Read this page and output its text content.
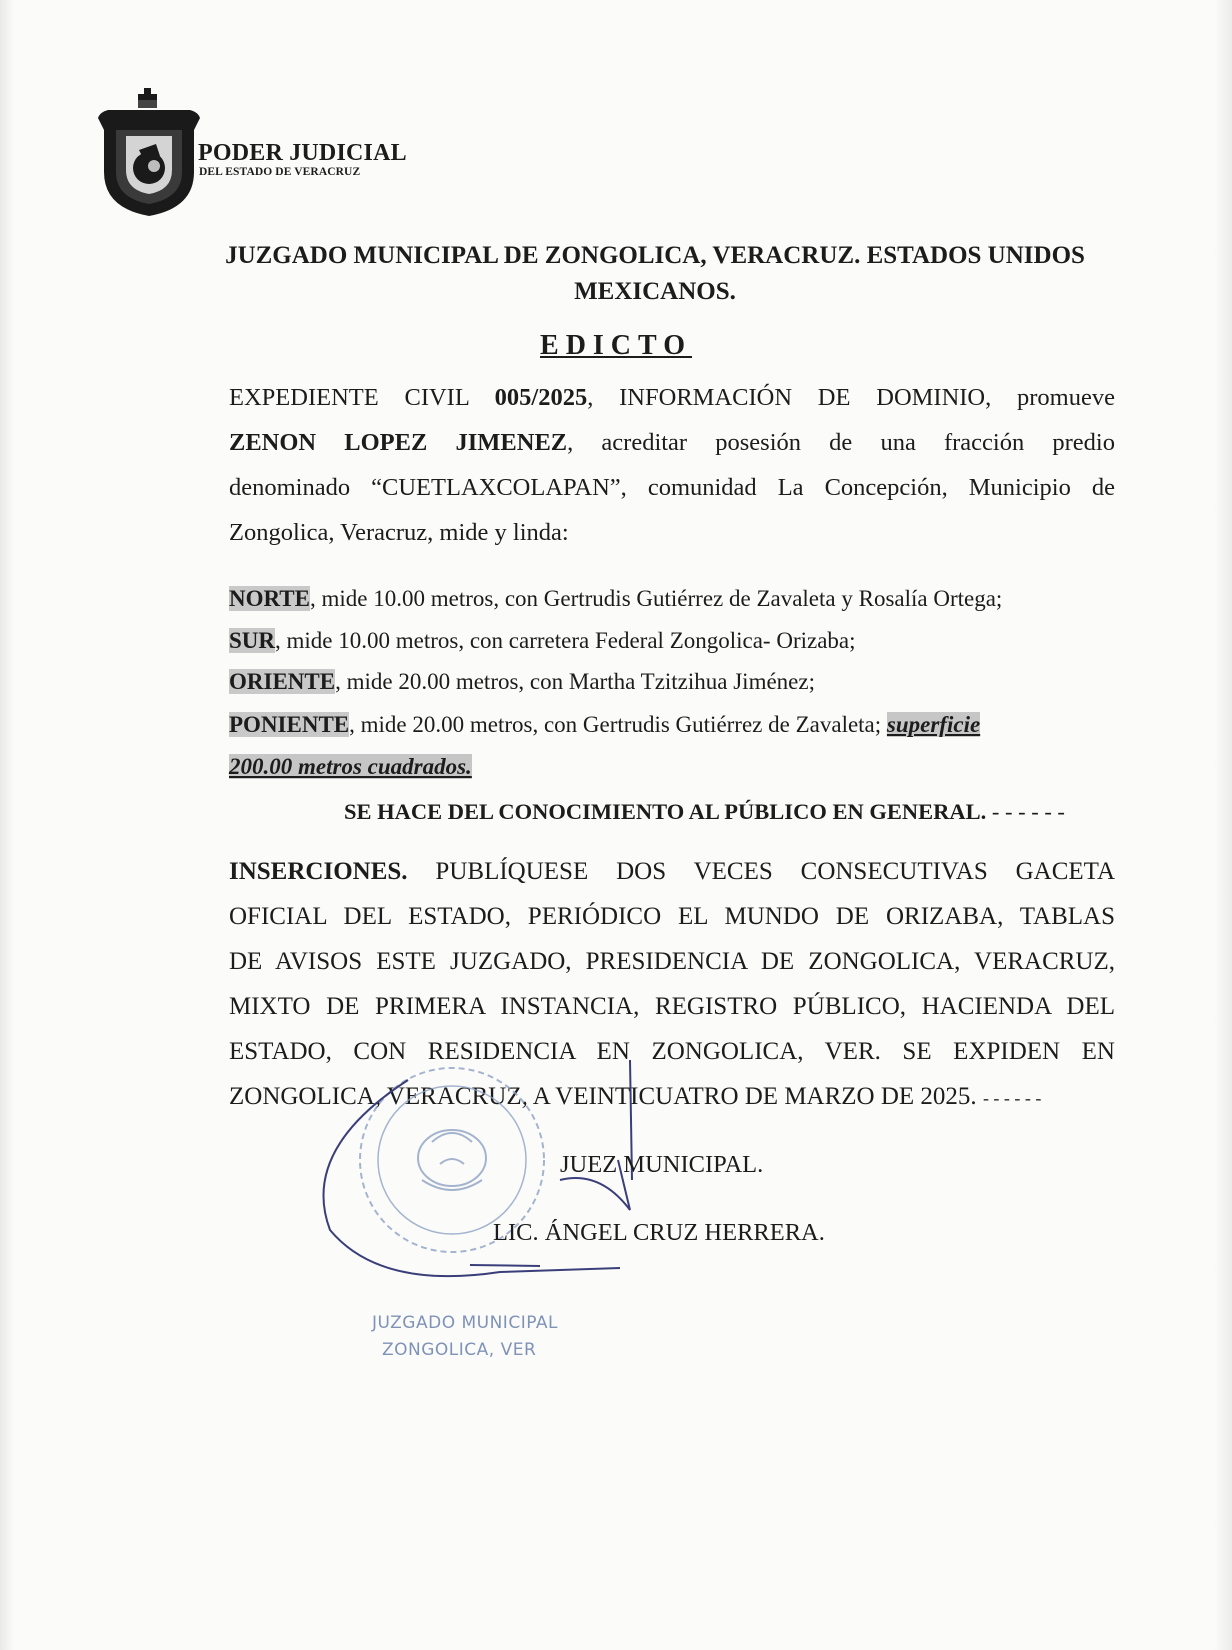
PODER JUDICIAL
DEL ESTADO DE VERACRUZ
JUZGADO MUNICIPAL DE ZONGOLICA, VERACRUZ. ESTADOS UNIDOS
MEXICANOS.
EDICTO
EXPEDIENTE CIVIL 005/2025, INFORMACIÓN DE DOMINIO, promueve
ZENON LOPEZ JIMENEZ, acreditar posesión de una fracción predio
denominado “CUETLAXCOLAPAN”, comunidad La Concepción, Municipio de
Zongolica, Veracruz, mide y linda:
NORTE, mide 10.00 metros, con Gertrudis Gutiérrez de Zavaleta y Rosalía Ortega;
SUR, mide 10.00 metros, con carretera Federal Zongolica- Orizaba;
ORIENTE, mide 20.00 metros, con Martha Tzitzihua Jiménez;
PONIENTE, mide 20.00 metros, con Gertrudis Gutiérrez de Zavaleta; superficie
200.00 metros cuadrados.
SE HACE DEL CONOCIMIENTO AL PÚBLICO EN GENERAL. - - - - - -
INSERCIONES. PUBLÍQUESE DOS VECES CONSECUTIVAS GACETA
OFICIAL DEL ESTADO, PERIÓDICO EL MUNDO DE ORIZABA, TABLAS
DE AVISOS ESTE JUZGADO, PRESIDENCIA DE ZONGOLICA, VERACRUZ,
MIXTO DE PRIMERA INSTANCIA, REGISTRO PÚBLICO, HACIENDA DEL
ESTADO, CON RESIDENCIA EN ZONGOLICA, VER. SE EXPIDEN EN
ZONGOLICA, VERACRUZ, A VEINTICUATRO DE MARZO DE 2025. - - - - - -
JUEZ MUNICIPAL.
LIC. ÁNGEL CRUZ HERRERA.
JUZGADO MUNICIPAL
ZONGOLICA, VER
